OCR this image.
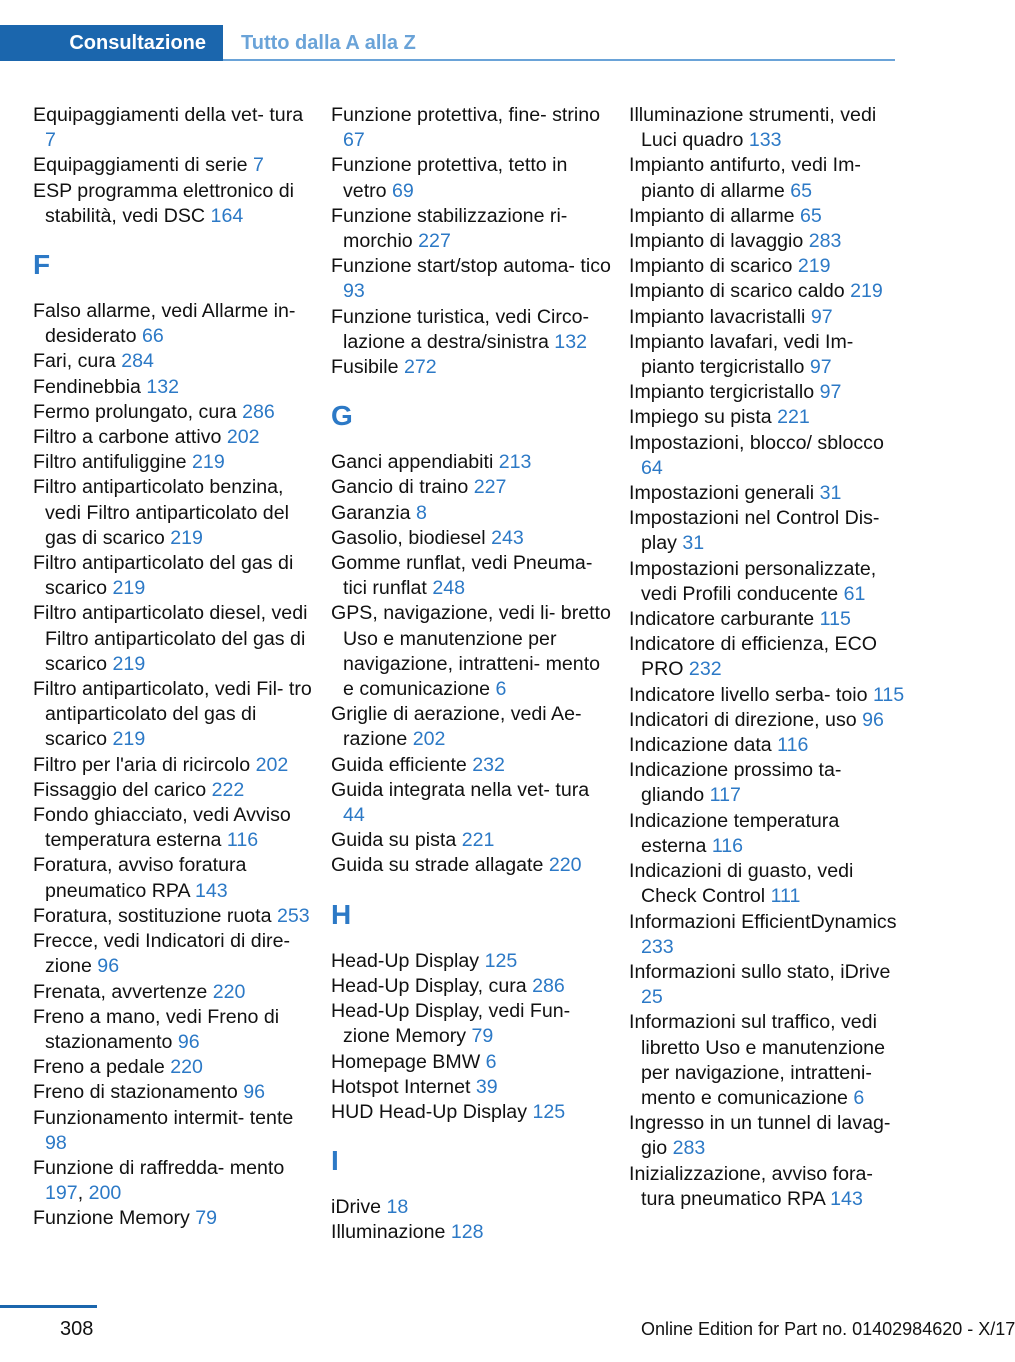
Consultazione Tutto dalla A alla Z

Equipaggiamenti della vet‐ tura 7

Equipaggiamenti di serie 7

ESP programma elettronico di stabilità, vedi DSC 164

F

Falso allarme, vedi Allarme in‐ desiderato 66

Fari, cura 284

Fendinebbia 132

Fermo prolungato, cura 286

Filtro a carbone attivo 202

Filtro antifuliggine 219

Filtro antiparticolato benzina, vedi Filtro antiparticolato del gas di scarico 219

Filtro antiparticolato del gas di scarico 219

Filtro antiparticolato diesel, vedi Filtro antiparticolato del gas di scarico 219

Filtro antiparticolato, vedi Fil‐ tro antiparticolato del gas di scarico 219

Filtro per l'aria di ricircolo 202

Fissaggio del carico 222

Fondo ghiacciato, vedi Avviso temperatura esterna 116

Foratura, avviso foratura pneumatico RPA 143

Foratura, sostituzione ruota 253

Frecce, vedi Indicatori di dire‐ zione 96

Frenata, avvertenze 220

Freno a mano, vedi Freno di stazionamento 96

Freno a pedale 220

Freno di stazionamento 96

Funzionamento intermit‐ tente 98

Funzione di raffredda‐ mento 197, 200

Funzione Memory 79

Funzione protettiva, fine‐ strino 67

Funzione protettiva, tetto in vetro 69

Funzione stabilizzazione ri‐ morchio 227

Funzione start/stop automa‐ tico 93

Funzione turistica, vedi Circo‐ lazione a destra/sinistra 132

Fusibile 272

G

Ganci appendiabiti 213

Gancio di traino 227

Garanzia 8

Gasolio, biodiesel 243

Gomme runflat, vedi Pneuma‐ tici runflat 248

GPS, navigazione, vedi li‐ bretto Uso e manutenzione per navigazione, intratteni‐ mento e comunicazione 6

Griglie di aerazione, vedi Ae‐ razione 202

Guida efficiente 232

Guida integrata nella vet‐ tura 44

Guida su pista 221

Guida su strade allagate 220

H

Head-Up Display 125

Head-Up Display, cura 286

Head-Up Display, vedi Fun‐ zione Memory 79

Homepage BMW 6

Hotspot Internet 39

HUD Head-Up Display 125

I

iDrive 18

Illuminazione 128

Illuminazione strumenti, vedi Luci quadro 133

Impianto antifurto, vedi Im‐ pianto di allarme 65

Impianto di allarme 65

Impianto di lavaggio 283

Impianto di scarico 219

Impianto di scarico caldo 219

Impianto lavacristalli 97

Impianto lavafari, vedi Im‐ pianto tergicristallo 97

Impianto tergicristallo 97

Impiego su pista 221

Impostazioni, blocco/ sblocco 64

Impostazioni generali 31

Impostazioni nel Control Dis‐ play 31

Impostazioni personalizzate, vedi Profili conducente 61

Indicatore carburante 115

Indicatore di efficienza, ECO PRO 232

Indicatore livello serba‐ toio 115

Indicatori di direzione, uso 96

Indicazione data 116

Indicazione prossimo ta‐ gliando 117

Indicazione temperatura esterna 116

Indicazioni di guasto, vedi Check Control 111

Informazioni EfficientDynamics 233

Informazioni sullo stato, iDrive 25

Informazioni sul traffico, vedi libretto Uso e manutenzione per navigazione, intratteni‐ mento e comunicazione 6

Ingresso in un tunnel di lavag‐ gio 283

Inizializzazione, avviso fora‐ tura pneumatico RPA 143

308	Online Edition for Part no. 01402984620 - X/17
